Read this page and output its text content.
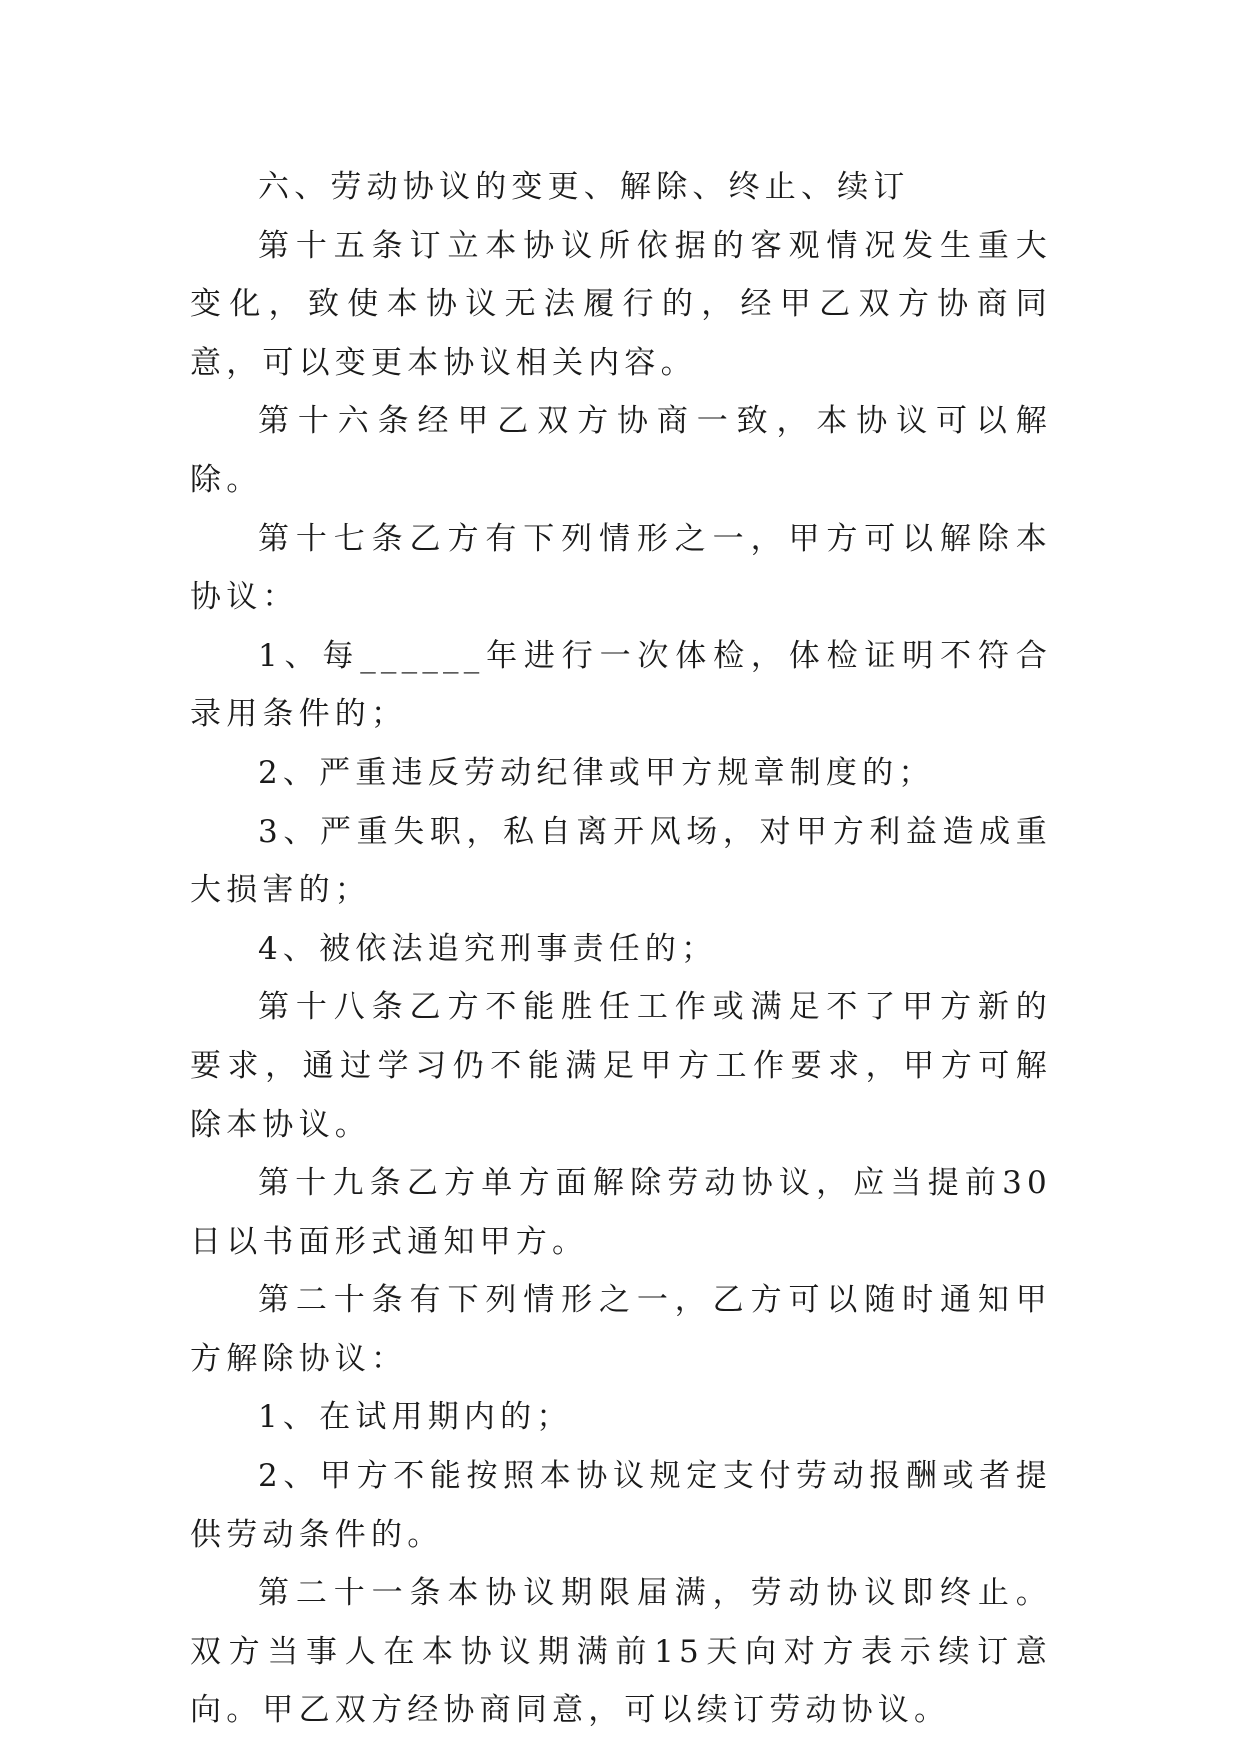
六、劳动协议的变更、解除、终止、续订

第十五条订立本协议所依据的客观情况发生重大变化，致使本协议无法履行的，经甲乙双方协商同意，可以变更本协议相关内容。

第十六条经甲乙双方协商一致，本协议可以解除。

第十七条乙方有下列情形之一，甲方可以解除本协议：

1、每______年进行一次体检，体检证明不符合录用条件的；

2、严重违反劳动纪律或甲方规章制度的；

3、严重失职，私自离开风场，对甲方利益造成重大损害的；

4、被依法追究刑事责任的；

第十八条乙方不能胜任工作或满足不了甲方新的要求，通过学习仍不能满足甲方工作要求，甲方可解除本协议。

第十九条乙方单方面解除劳动协议，应当提前30日以书面形式通知甲方。

第二十条有下列情形之一，乙方可以随时通知甲方解除协议：

1、在试用期内的；

2、甲方不能按照本协议规定支付劳动报酬或者提供劳动条件的。

第二十一条本协议期限届满，劳动协议即终止。双方当事人在本协议期满前15天向对方表示续订意向。甲乙双方经协商同意，可以续订劳动协议。
